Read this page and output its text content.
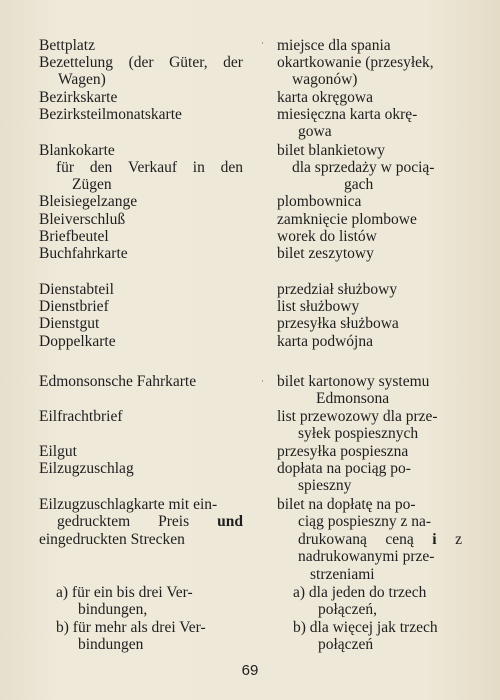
Bettplatz
Bezettelung (der Güter, der
Wagen)
Bezirkskarte
Bezirksteilmonatskarte
Blankokarte
für den Verkauf in den
Zügen
Bleisiegelzange
Bleiverschluß
Briefbeutel
Buchfahrkarte
Dienstabteil
Dienstbrief
Dienstgut
Doppelkarte
Edmonsonsche Fahrkarte
Eilfrachtbrief
Eilgut
Eilzugzuschlag
Eilzugzuschlagkarte mit ein-
gedrucktem Preis und
eingedruckten Strecken
a) für ein bis drei Ver-
bindungen,
b) für mehr als drei Ver-
bindungen
·
·
miejsce dla spania
okartkowanie (przesyłek,
wagonów)
karta okręgowa
miesięczna karta okrę-
gowa
bilet blankietowy
dla sprzedaży w pocią-
gach
plombownica
zamknięcie plombowe
worek do listów
bilet zeszytowy
przedział służbowy
list służbowy
przesyłka służbowa
karta podwójna
bilet kartonowy systemu
Edmonsona
list przewozowy dla prze-
syłek pospiesznych
przesyłka pospieszna
dopłata na pociąg po-
spieszny
bilet na dopłatę na po-
ciąg pospieszny z na-
drukowaną ceną i z
nadrukowanymi prze-
strzeniami
a) dla jeden do trzech
połączeń,
b) dla więcej jak trzech
połączeń
69
